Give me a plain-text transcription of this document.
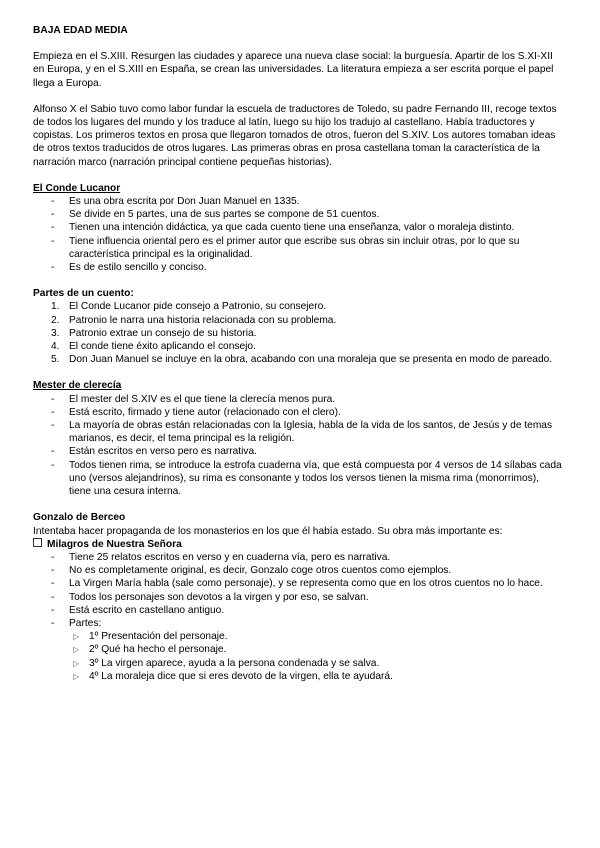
BAJA EDAD MEDIA

Empieza en el S.XIII. Resurgen las ciudades y aparece una nueva clase social: la burguesía. Apartir de los S.XI-XII en Europa, y en el S.XIII en España, se crean las universidades. La literatura empieza a ser escrita porque el papel llega a Europa.

Alfonso X el Sabio tuvo como labor fundar la escuela de traductores de Toledo, su padre Fernando III, recoge textos de todos los lugares del mundo y los traduce al latín, luego su hijo los tradujo al castellano. Había traductores y copistas. Los primeros textos en prosa que llegaron tomados de otros, fueron del S.XIV. Los autores tomaban ideas de otros textos traducidos de otros lugares. Las primeras obras en prosa castellana toman la característica de la narración marco (narración principal contiene pequeñas historias).

El Conde Lucanor

- Es una obra escrita por Don Juan Manuel en 1335.
- Se divide en 5 partes, una de sus partes se compone de 51 cuentos.
- Tienen una intención didáctica, ya que cada cuento tiene una enseñanza, valor o moraleja distinto.
- Tiene influencia oriental pero es el primer autor que escribe sus obras sin incluir otras, por lo que su característica principal es la originalidad.
- Es de estilo sencillo y conciso.

Partes de un cuento:

1. El Conde Lucanor pide consejo a Patronio, su consejero.
2. Patronio le narra una historia relacionada con su problema.
3. Patronio extrae un consejo de su historia.
4. El conde tiene éxito aplicando el consejo.
5. Don Juan Manuel se incluye en la obra, acabando con una moraleja que se presenta en modo de pareado.

Mester de clerecía

- El mester del S.XIV es el que tiene la clerecía menos pura.
- Está escrito, firmado y tiene autor (relacionado con el clero).
- La mayoría de obras están relacionadas con la Iglesia, habla de la vida de los santos, de Jesús y de temas marianos, es decir, el tema principal es la religión.
- Están escritos en verso pero es narrativa.
- Todos tienen rima, se introduce la estrofa cuaderna vía, que está compuesta por 4 versos de 14 sílabas cada uno (versos alejandrinos), su rima es consonante y todos los versos tienen la misma rima (monorrimos), tiene una cesura interna.

Gonzalo de Berceo

Intentaba hacer propaganda de los monasterios en los que él había estado. Su obra más importante es:

Milagros de Nuestra Señora

- Tiene 25 relatos escritos en verso y en cuaderna vía, pero es narrativa.
- No es completamente original, es decir, Gonzalo coge otros cuentos como ejemplos.
- La Virgen María habla (sale como personaje), y se representa como que en los otros cuentos no lo hace.
- Todos los personajes son devotos a la virgen y por eso, se salvan.
- Está escrito en castellano antiguo.
- Partes:
▷ 1º Presentación del personaje.
▷ 2º Qué ha hecho el personaje.
▷ 3º La virgen aparece, ayuda a la persona condenada y se salva.
▷ 4º La moraleja dice que si eres devoto de la virgen, ella te ayudará.
